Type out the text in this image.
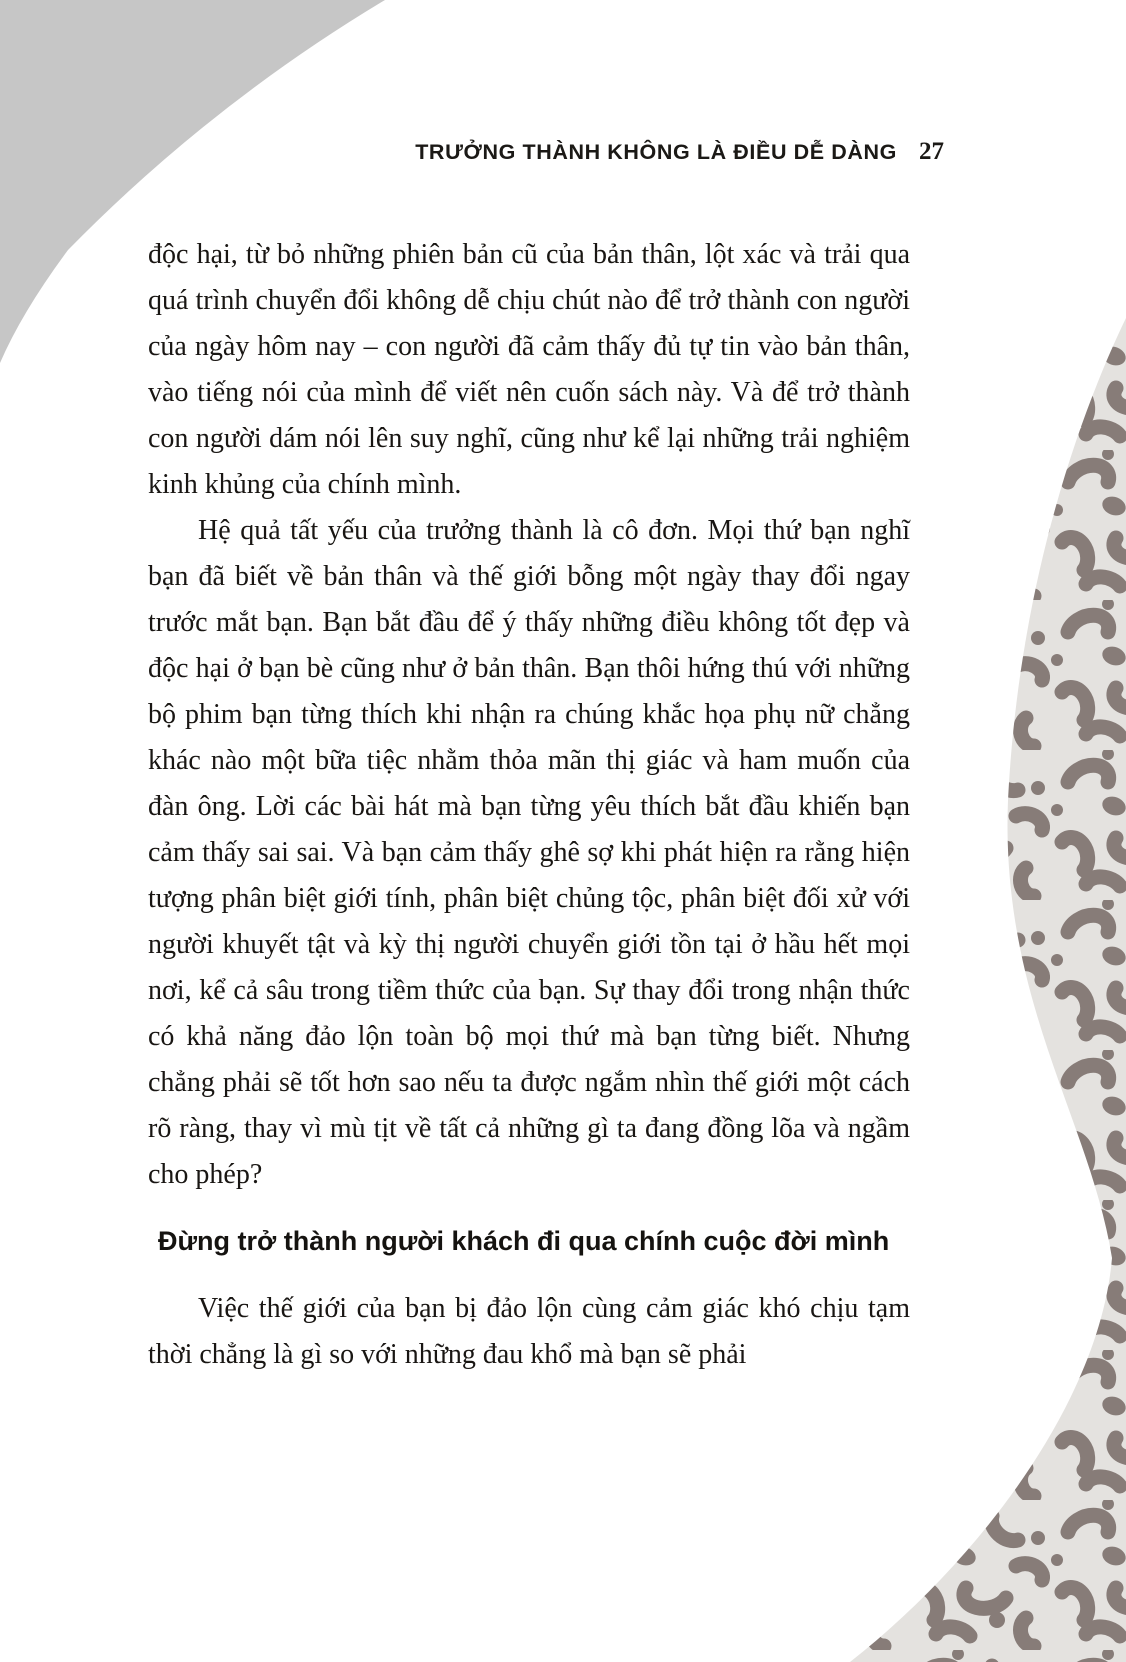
TRƯỞNG THÀNH KHÔNG LÀ ĐIỀU DỄ DÀNG 27

độc hại, từ bỏ những phiên bản cũ của bản thân, lột xác và trải qua quá trình chuyển đổi không dễ chịu chút nào để trở thành con người của ngày hôm nay – con người đã cảm thấy đủ tự tin vào bản thân, vào tiếng nói của mình để viết nên cuốn sách này. Và để trở thành con người dám nói lên suy nghĩ, cũng như kể lại những trải nghiệm kinh khủng của chính mình.

Hệ quả tất yếu của trưởng thành là cô đơn. Mọi thứ bạn nghĩ bạn đã biết về bản thân và thế giới bỗng một ngày thay đổi ngay trước mắt bạn. Bạn bắt đầu để ý thấy những điều không tốt đẹp và độc hại ở bạn bè cũng như ở bản thân. Bạn thôi hứng thú với những bộ phim bạn từng thích khi nhận ra chúng khắc họa phụ nữ chẳng khác nào một bữa tiệc nhằm thỏa mãn thị giác và ham muốn của đàn ông. Lời các bài hát mà bạn từng yêu thích bắt đầu khiến bạn cảm thấy sai sai. Và bạn cảm thấy ghê sợ khi phát hiện ra rằng hiện tượng phân biệt giới tính, phân biệt chủng tộc, phân biệt đối xử với người khuyết tật và kỳ thị người chuyển giới tồn tại ở hầu hết mọi nơi, kể cả sâu trong tiềm thức của bạn. Sự thay đổi trong nhận thức có khả năng đảo lộn toàn bộ mọi thứ mà bạn từng biết. Nhưng chẳng phải sẽ tốt hơn sao nếu ta được ngắm nhìn thế giới một cách rõ ràng, thay vì mù tịt về tất cả những gì ta đang đồng lõa và ngầm cho phép?

Đừng trở thành người khách đi qua chính cuộc đời mình

Việc thế giới của bạn bị đảo lộn cùng cảm giác khó chịu tạm thời chẳng là gì so với những đau khổ mà bạn sẽ phải
